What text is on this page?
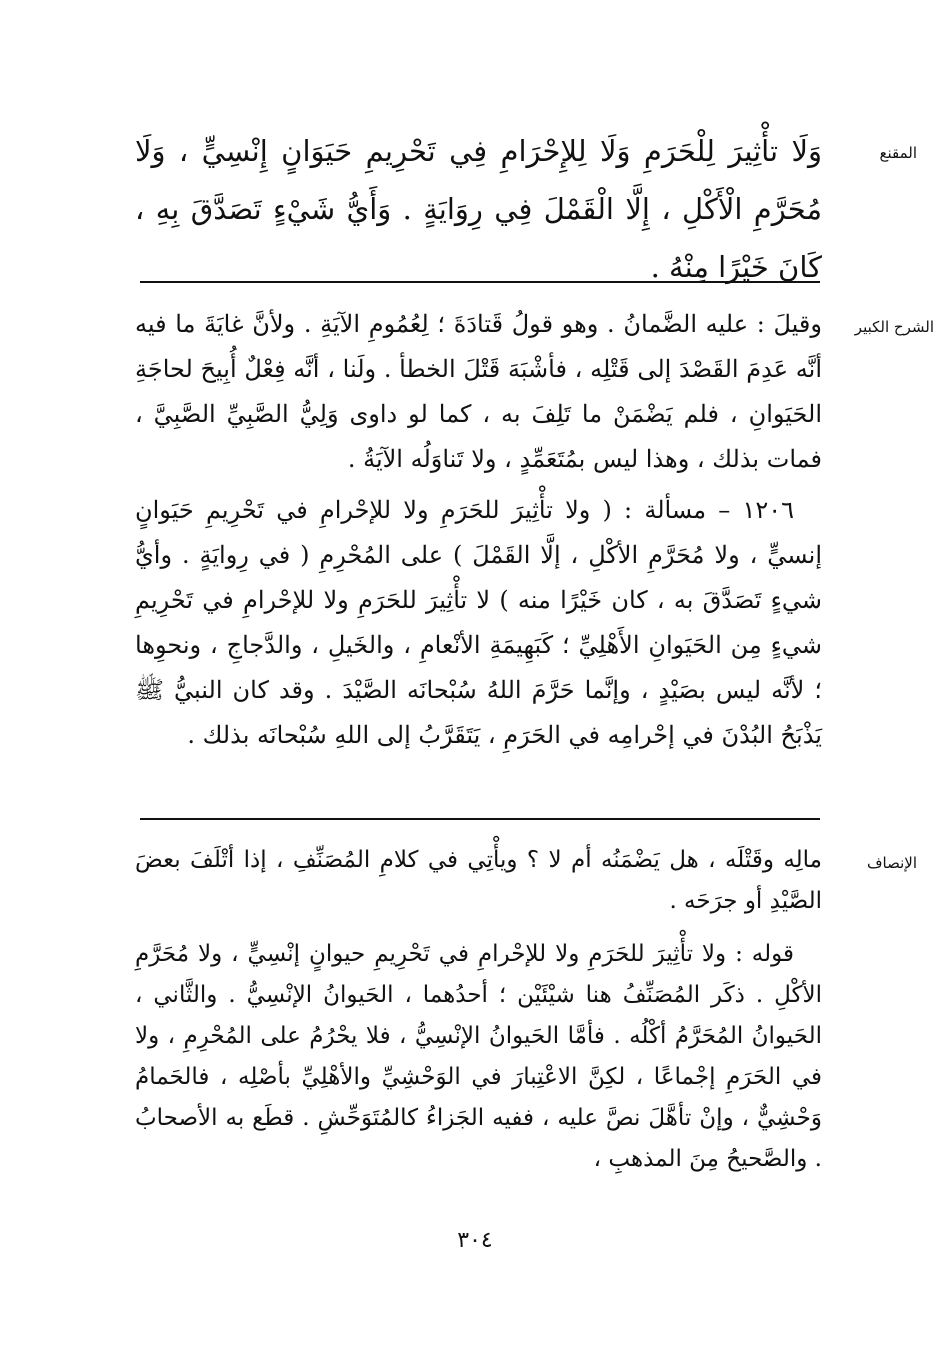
المقنع

وَلَا تأْثِيرَ لِلْحَرَمِ وَلَا لِلإِحْرَامِ فِي تَحْرِيمِ حَيَوَانٍ إِنْسِيٍّ ، وَلَا مُحَرَّمِ الْأَكْلِ ، إِلَّا الْقَمْلَ فِي رِوَايَةٍ . وَأَيُّ شَيْءٍ تَصَدَّقَ بِهِ ، كَانَ خَيْرًا مِنْهُ .

الشرح الكبير

وقيلَ : عليه الضَّمانُ . وهو قولُ قَتادَةَ ؛ لِعُمُومِ الآيَةِ . ولأنَّ غايَةَ ما فيه أنَّه عَدِمَ القَصْدَ إلى قَتْلِه ، فأشْبَهَ قَتْلَ الخطأ . ولَنا ، أنَّه فِعْلٌ أُبِيحَ لحاجَةِ الحَيَوانِ ، فلم يَضْمَنْ ما تَلِفَ به ، كما لو داوى وَلِيُّ الصَّبِيِّ الصَّبِيَّ ، فمات بذلك ، وهذا ليس بمُتَعَمِّدٍ ، ولا تَناوَلُه الآيَةُ .

١٢٠٦ – مسألة : ( ولا تأْثِيرَ للحَرَمِ ولا للإحْرامِ في تَحْرِيمِ حَيَوانٍ إنسيٍّ ، ولا مُحَرَّمِ الأكْلِ ، إلَّا القَمْلَ ) على المُحْرِمِ ( في رِوايَةٍ . وأيُّ شيءٍ تَصَدَّقَ به ، كان خَيْرًا منه ) لا تأْثِيرَ للحَرَمِ ولا للإحْرامِ في تَحْرِيمِ شيءٍ مِن الحَيَوانِ الأَهْلِيِّ ؛ كَبَهِيمَةِ الأنْعامِ ، والخَيلِ ، والدَّجاجِ ، ونحوِها ؛ لأنَّه ليس بصَيْدٍ ، وإنَّما حَرَّمَ اللهُ سُبْحانَه الصَّيْدَ . وقد كان النبيُّ ﷺ يَذْبَحُ البُدْنَ في إحْرامِه في الحَرَمِ ، يَتَقَرَّبُ إلى اللهِ سُبْحانَه بذلك .

الإنصاف

مالِه وقَتْلَه ، هل يَضْمَنُه أم لا ؟ ويأْتِي في كلامِ المُصَنِّفِ ، إذا أتْلَفَ بعضَ الصَّيْدِ أو جرَحَه .

قوله : ولا تأْثِيرَ للحَرَمِ ولا للإحْرامِ في تَحْرِيمِ حيوانٍ إنْسِيٍّ ، ولا مُحَرَّمِ الأكْلِ . ذكَر المُصَنِّفُ هنا شيْئَيْن ؛ أحدُهما ، الحَيوانُ الإنْسِيُّ . والثَّاني ، الحَيوانُ المُحَرَّمُ أكْلُه . فأمَّا الحَيوانُ الإنْسِيُّ ، فلا يحْرُمُ على المُحْرِمِ ، ولا في الحَرَمِ إجْماعًا ، لكِنَّ الاعْتِبارَ في الوَحْشِيِّ والأهْلِيِّ بأصْلِه ، فالحَمامُ وَحْشِيٌّ ، وإنْ تأهَّلَ نصَّ عليه ، ففيه الجَزاءُ كالمُتَوَحِّشِ . قطَع به الأصحابُ . والصَّحيحُ مِنَ المذهبِ ،

٣٠٤
